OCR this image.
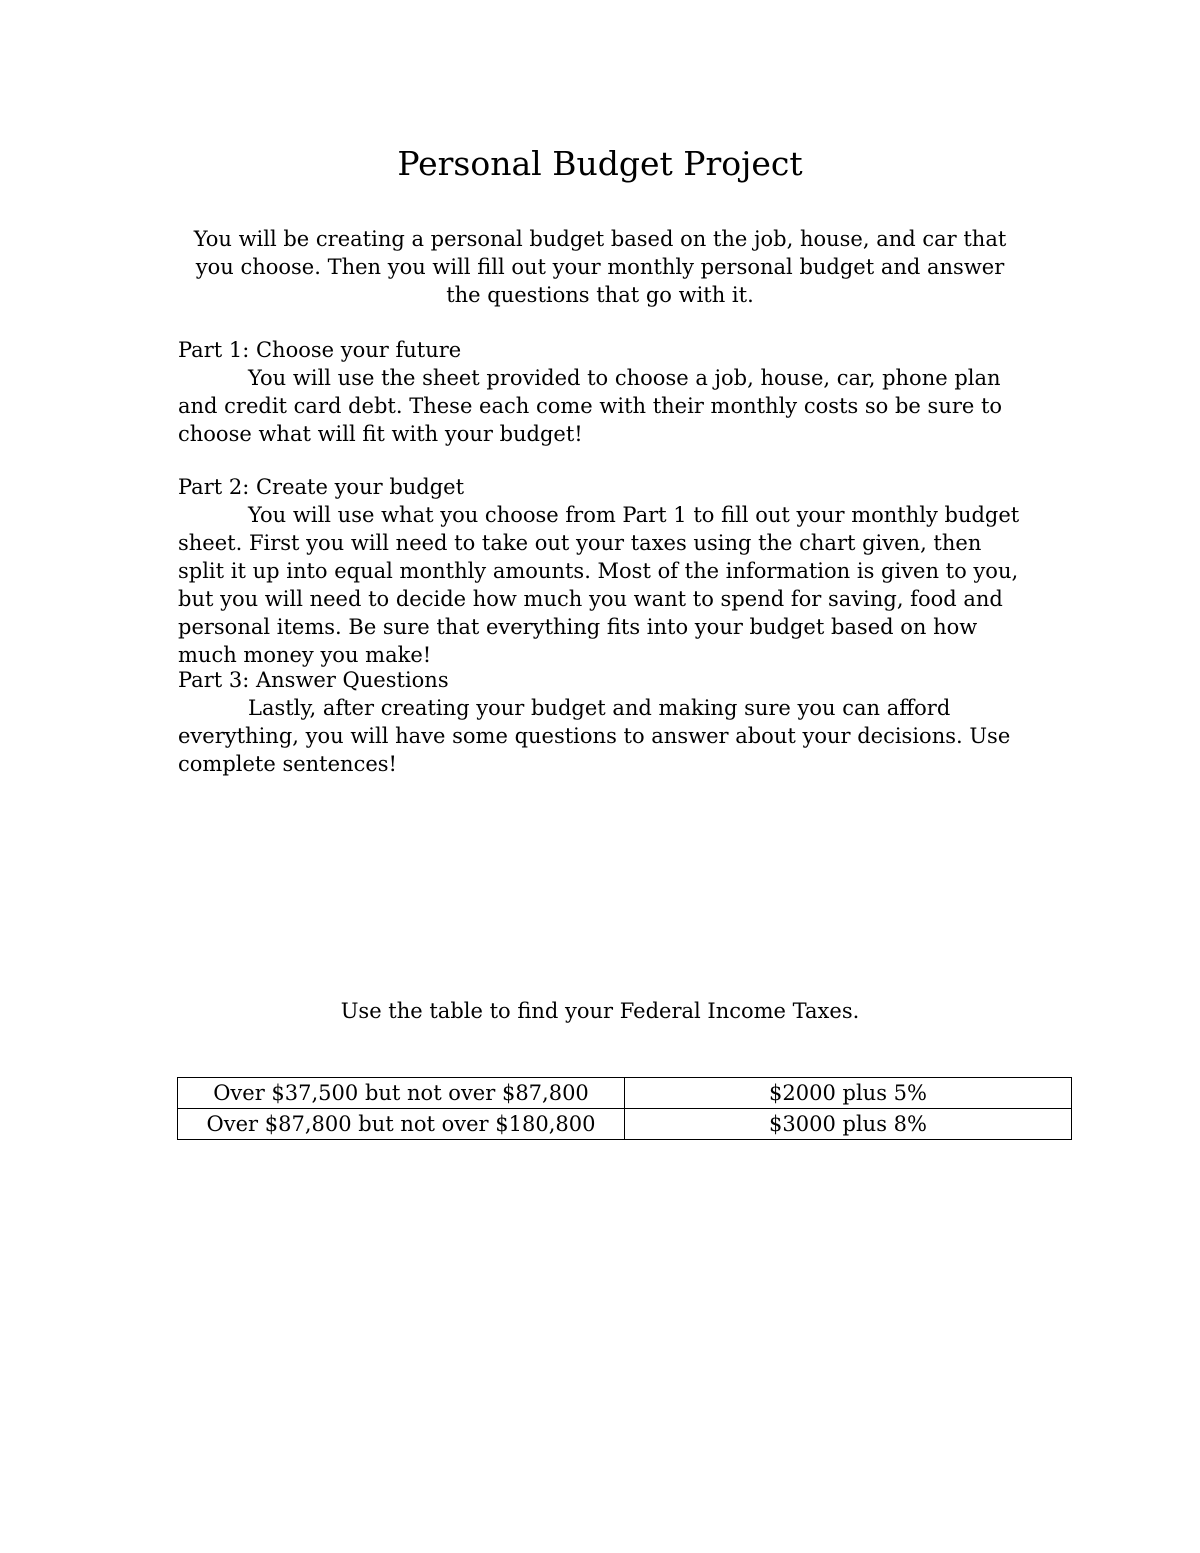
Personal Budget Project

You will be creating a personal budget based on the job, house, and car that you choose. Then you will fill out your monthly personal budget and answer the questions that go with it.

Part 1: Choose your future

You will use the sheet provided to choose a job, house, car, phone plan and credit card debt. These each come with their monthly costs so be sure to choose what will fit with your budget!

Part 2: Create your budget

You will use what you choose from Part 1 to fill out your monthly budget sheet. First you will need to take out your taxes using the chart given, then split it up into equal monthly amounts. Most of the information is given to you, but you will need to decide how much you want to spend for saving, food and personal items. Be sure that everything fits into your budget based on how much money you make!

Part 3: Answer Questions

Lastly, after creating your budget and making sure you can afford everything, you will have some questions to answer about your decisions. Use complete sentences!

Use the table to find your Federal Income Taxes.

Over $37,500 but not over $87,800	$2000 plus 5%
Over $87,800 but not over $180,800	$3000 plus 8%
